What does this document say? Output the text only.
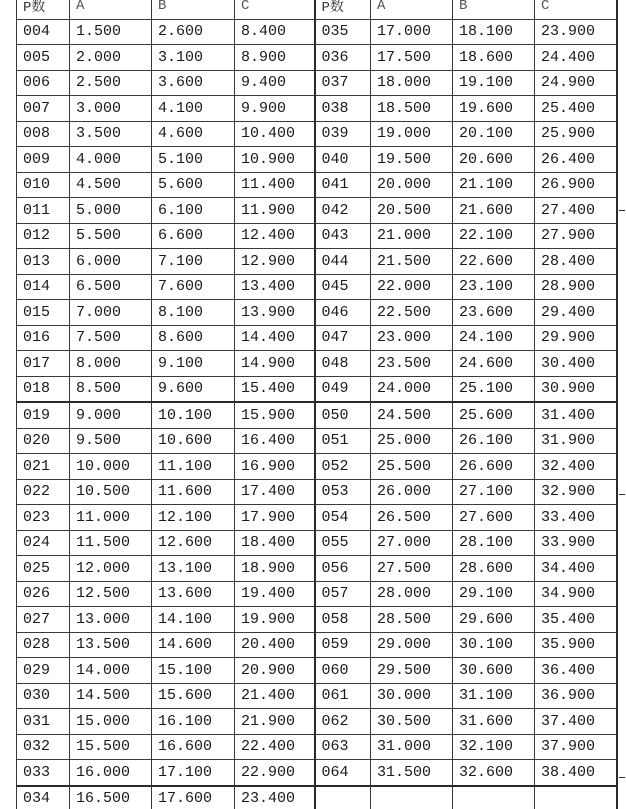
P数	A	B	C	P数	A	B	C
004	1.500	2.600	8.400	035	17.000	18.100	23.900
005	2.000	3.100	8.900	036	17.500	18.600	24.400
006	2.500	3.600	9.400	037	18.000	19.100	24.900
007	3.000	4.100	9.900	038	18.500	19.600	25.400
008	3.500	4.600	10.400	039	19.000	20.100	25.900
009	4.000	5.100	10.900	040	19.500	20.600	26.400
010	4.500	5.600	11.400	041	20.000	21.100	26.900
011	5.000	6.100	11.900	042	20.500	21.600	27.400
012	5.500	6.600	12.400	043	21.000	22.100	27.900
013	6.000	7.100	12.900	044	21.500	22.600	28.400
014	6.500	7.600	13.400	045	22.000	23.100	28.900
015	7.000	8.100	13.900	046	22.500	23.600	29.400
016	7.500	8.600	14.400	047	23.000	24.100	29.900
017	8.000	9.100	14.900	048	23.500	24.600	30.400
018	8.500	9.600	15.400	049	24.000	25.100	30.900
019	9.000	10.100	15.900	050	24.500	25.600	31.400
020	9.500	10.600	16.400	051	25.000	26.100	31.900
021	10.000	11.100	16.900	052	25.500	26.600	32.400
022	10.500	11.600	17.400	053	26.000	27.100	32.900
023	11.000	12.100	17.900	054	26.500	27.600	33.400
024	11.500	12.600	18.400	055	27.000	28.100	33.900
025	12.000	13.100	18.900	056	27.500	28.600	34.400
026	12.500	13.600	19.400	057	28.000	29.100	34.900
027	13.000	14.100	19.900	058	28.500	29.600	35.400
028	13.500	14.600	20.400	059	29.000	30.100	35.900
029	14.000	15.100	20.900	060	29.500	30.600	36.400
030	14.500	15.600	21.400	061	30.000	31.100	36.900
031	15.000	16.100	21.900	062	30.500	31.600	37.400
032	15.500	16.600	22.400	063	31.000	32.100	37.900
033	16.000	17.100	22.900	064	31.500	32.600	38.400
034	16.500	17.600	23.400				
